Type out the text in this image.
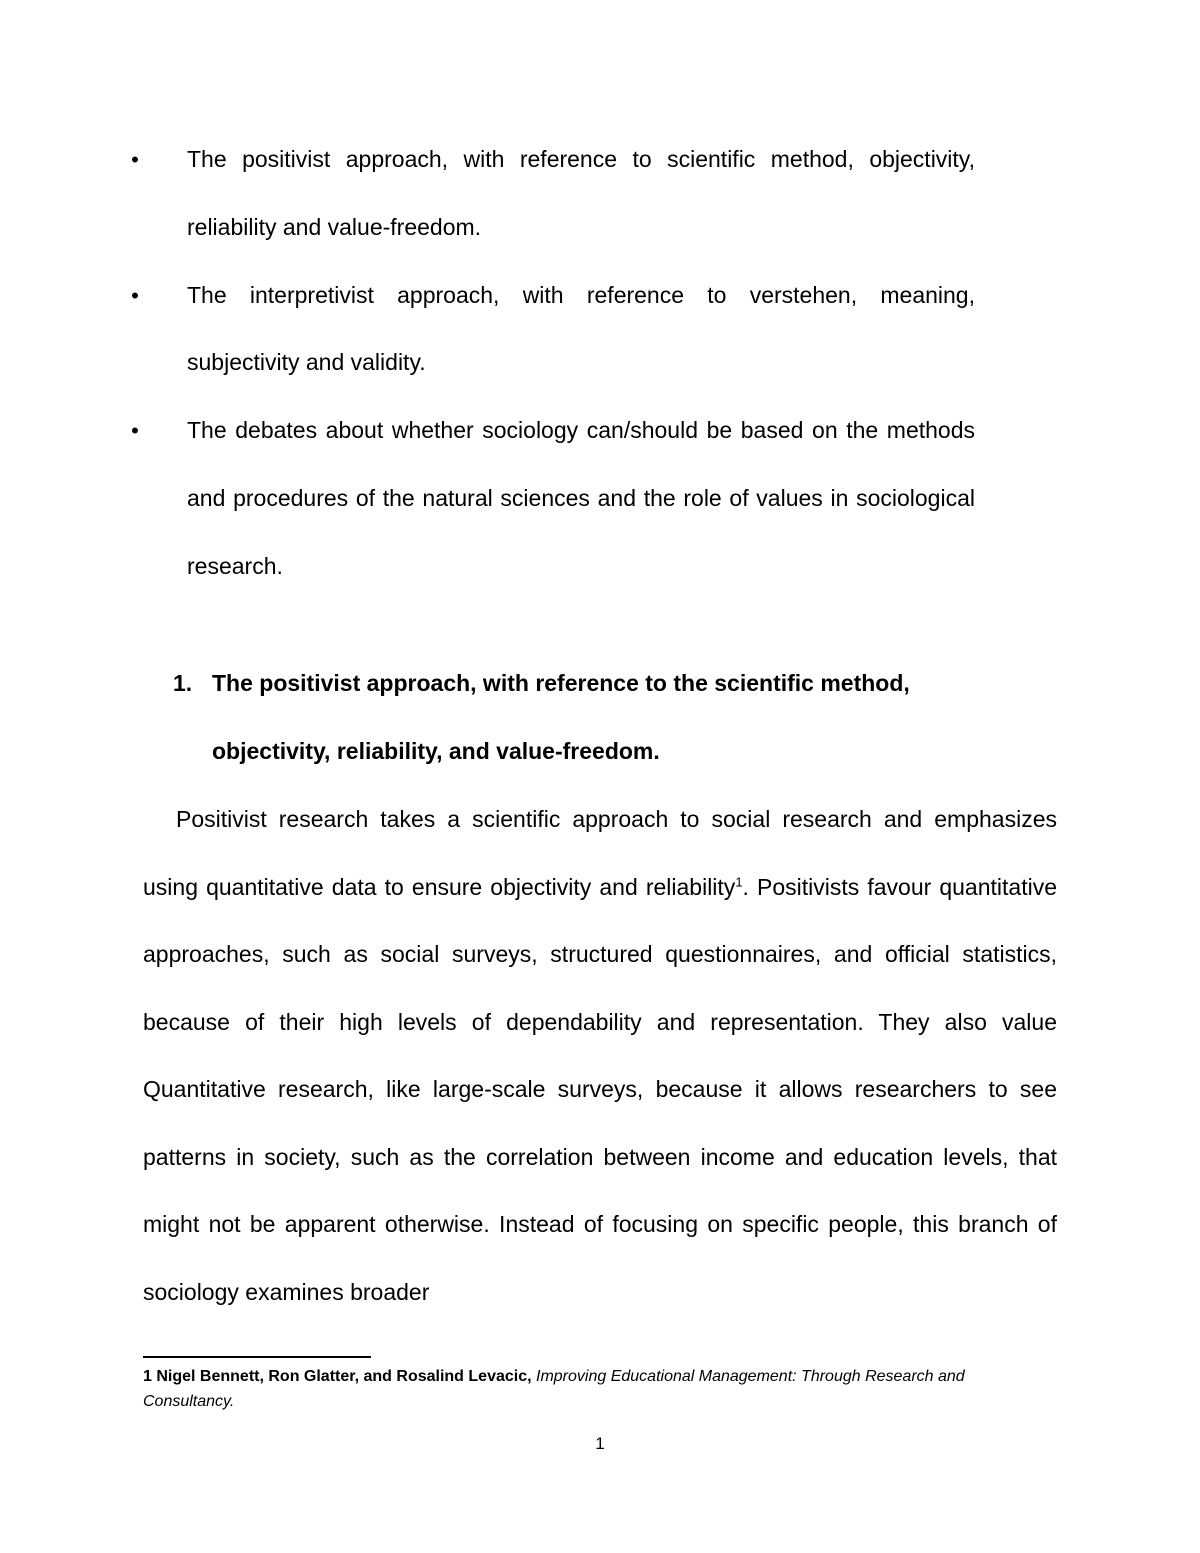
• The positivist approach, with reference to scientific method, objectivity, reliability and value-freedom.
• The interpretivist approach, with reference to verstehen, meaning, subjectivity and validity.
• The debates about whether sociology can/should be based on the methods and procedures of the natural sciences and the role of values in sociological research.
1. The positivist approach, with reference to the scientific method, objectivity, reliability, and value-freedom.

Positivist research takes a scientific approach to social research and emphasizes using quantitative data to ensure objectivity and reliability$^1$. Positivists favour quantitative approaches, such as social surveys, structured questionnaires, and official statistics, because of their high levels of dependability and representation. They also value Quantitative research, like large-scale surveys, because it allows researchers to see patterns in society, such as the correlation between income and education levels, that might not be apparent otherwise. Instead of focusing on specific people, this branch of sociology examines broader

1 Nigel Bennett, Ron Glatter, and Rosalind Levacic, Improving Educational Management: Through Research and Consultancy.

1
